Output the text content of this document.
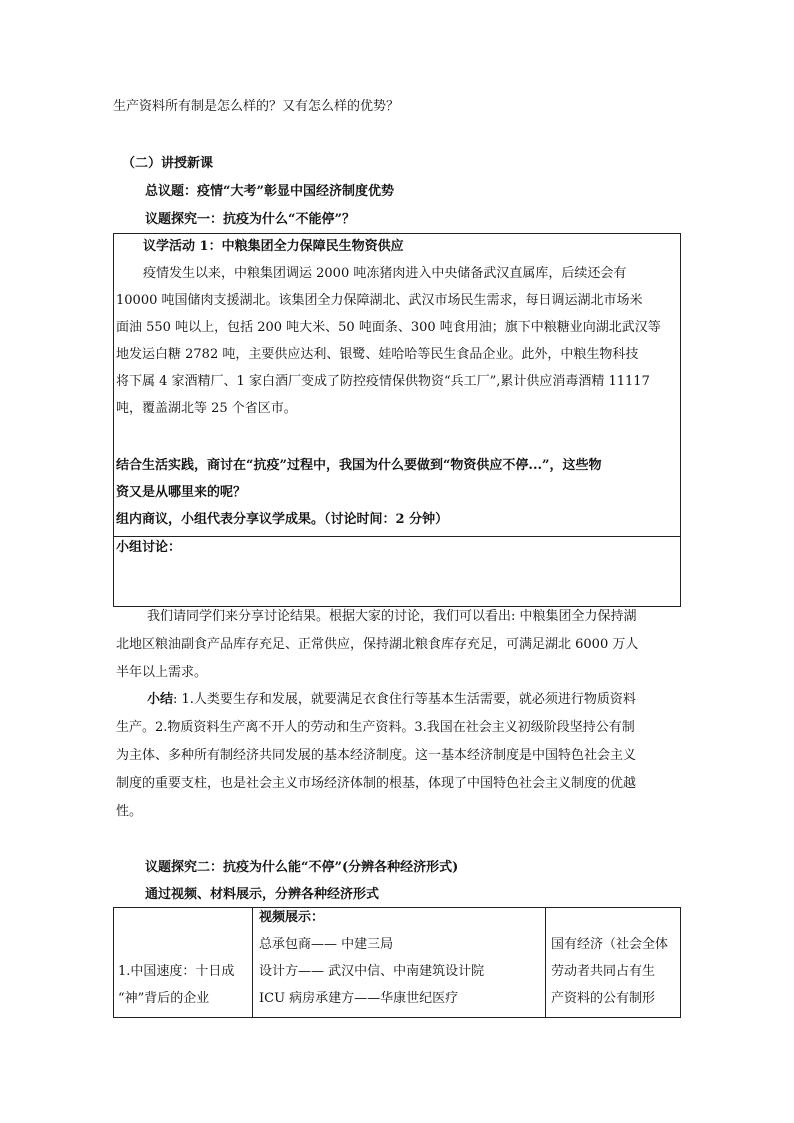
生产资料所有制是怎么样的？又有怎么样的优势？
（二）讲授新课
总议题：疫情“大考”彰显中国经济制度优势
议题探究一：抗疫为什么“不能停”？
议学活动 1：中粮集团全力保障民生物资供应
疫情发生以来，中粮集团调运 2000 吨冻猪肉进入中央储备武汉直属库，后续还会有
10000 吨国储肉支援湖北。该集团全力保障湖北、武汉市场民生需求，每日调运湖北市场米
面油 550 吨以上，包括 200 吨大米、50 吨面条、300 吨食用油；旗下中粮糖业向湖北武汉等
地发运白糖 2782 吨，主要供应达利、银鹭、娃哈哈等民生食品企业。此外，中粮生物科技
将下属 4 家酒精厂、1 家白酒厂变成了防控疫情保供物资“兵工厂”,累计供应消毒酒精 11117
吨，覆盖湖北等 25 个省区市。
结合生活实践，商讨在“抗疫”过程中，我国为什么要做到“物资供应不停...”，这些物
资又是从哪里来的呢？
组内商议，小组代表分享议学成果。（讨论时间：2 分钟）
小组讨论：
我们请同学们来分享讨论结果。根据大家的讨论，我们可以看出: 中粮集团全力保持湖
北地区粮油副食产品库存充足、正常供应，保持湖北粮食库存充足，可满足湖北 6000 万人
半年以上需求。
小结: 1.人类要生存和发展，就要满足衣食住行等基本生活需要，就必须进行物质资料
生产。2.物质资料生产离不开人的劳动和生产资料。3.我国在社会主义初级阶段坚持公有制
为主体、多种所有制经济共同发展的基本经济制度。这一基本经济制度是中国特色社会主义
制度的重要支柱，也是社会主义市场经济体制的根基，体现了中国特色社会主义制度的优越
性。
议题探究二：抗疫为什么能“不停”(分辨各种经济形式)
通过视频、材料展示，分辨各种经济形式
1.中国速度：十日成
“神”背后的企业
视频展示：
总承包商—— 中建三局
设计方—— 武汉中信、中南建筑设计院
ICU 病房承建方——华康世纪医疗
国有经济（社会全体
劳动者共同占有生
产资料的公有制形
